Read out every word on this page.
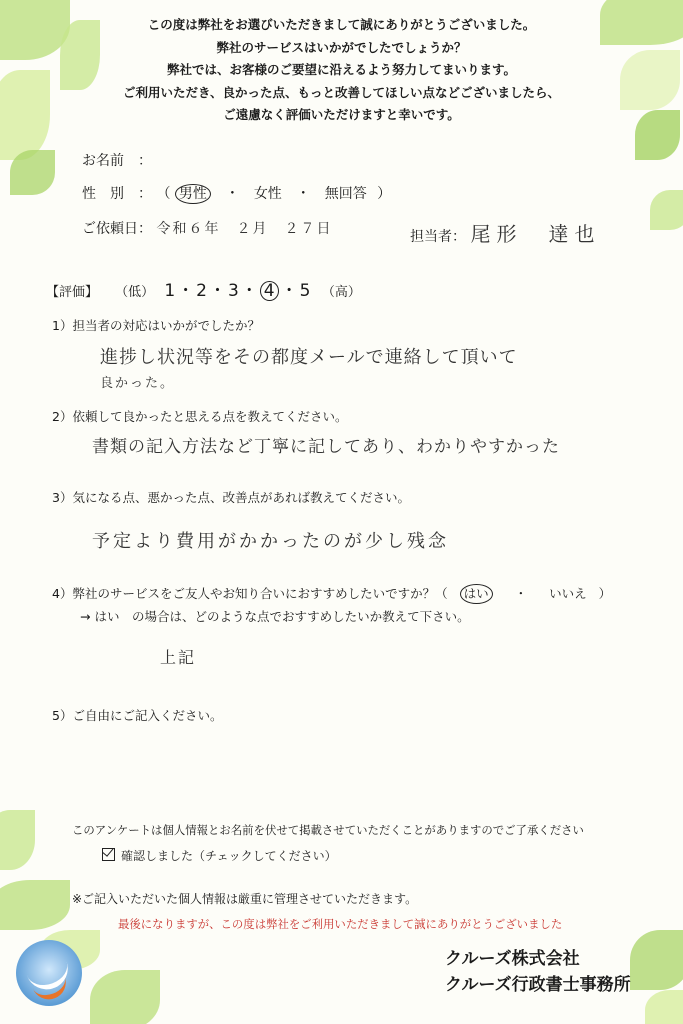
この度は弊社をお選びいただきまして誠にありがとうございました。
弊社のサービスはいかがでしたでしょうか？
弊社では、お客様のご要望に沿えるよう努力してまいります。
ご利用いただき、良かった点、もっと改善してほしい点などございましたら、
ご遠慮なく評価いただけますと幸いです。
お名前　：
性　別　： （ 男性 ・ 女性 ・ 無回答 ）
ご依頼日： 令和６年　２月　２７日	担当者： 尾形　達也
【評価】 （低） 1 ・ 2 ・ 3 ・ 4 ・ 5 （高）
1）担当者の対応はいかがでしたか？
進捗し状況等をその都度メールで連絡して頂いて
良かった。
2）依頼して良かったと思える点を教えてください。
書類の記入方法など丁寧に記してあり、わかりやすかった
3）気になる点、悪かった点、改善点があれば教えてください。
予定より費用がかかったのが少し残念
4）弊社のサービスをご友人やお知り合いにおすすめしたいですか？（ はい ・ いいえ ）
→ はい　の場合は、どのような点でおすすめしたいか教えて下さい。
上記
5）ご自由にご記入ください。
このアンケートは個人情報とお名前を伏せて掲載させていただくことがありますのでご了承ください
確認しました（チェックしてください）
※ご記入いただいた個人情報は厳重に管理させていただきます。
最後になりますが、この度は弊社をご利用いただきまして誠にありがとうございました
クルーズ株式会社
クルーズ行政書士事務所
